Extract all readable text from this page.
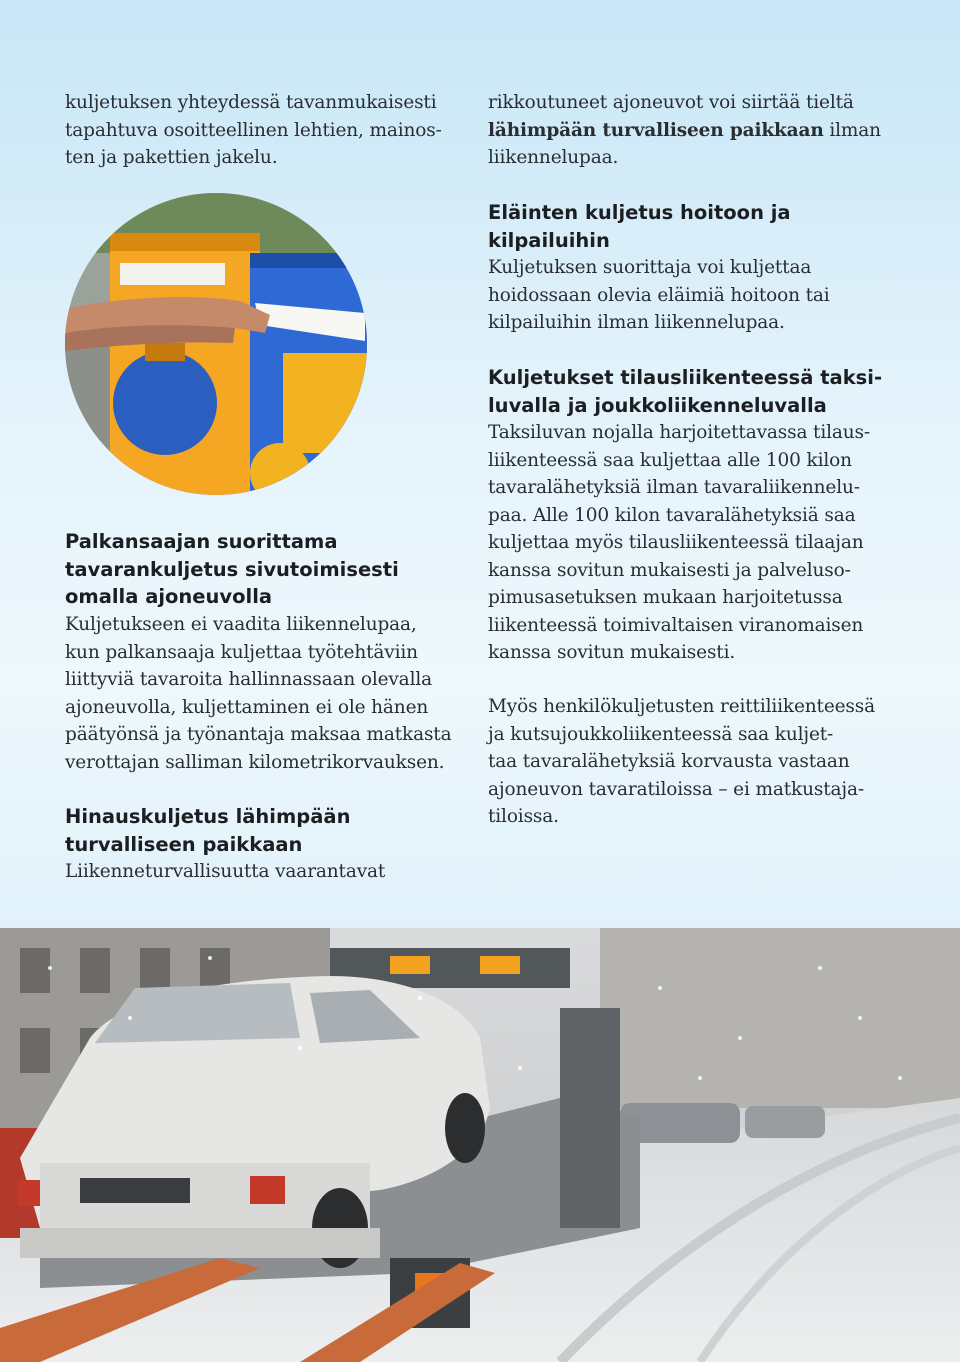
kuljetuksen yhteydessä tavanmukaisesti
tapahtuva osoitteellinen lehtien, mainos-
ten ja pakettien jakelu.

Palkansaajan suorittama
tavarankuljetus sivutoimisesti
omalla ajoneuvolla

Kuljetukseen ei vaadita liikennelupaa,
kun palkansaaja kuljettaa työtehtäviin
liittyviä tavaroita hallinnassaan olevalla
ajoneuvolla, kuljettaminen ei ole hänen
päätyönsä ja työnantaja maksaa matkasta
verottajan salliman kilometrikorvauksen.

Hinauskuljetus lähimpään
turvalliseen paikkaan

Liikenneturvallisuutta vaarantavat

rikkoutuneet ajoneuvot voi siirtää tieltä
lähimpään turvalliseen paikkaan ilman
liikennelupaa.

Eläinten kuljetus hoitoon ja
kilpailuihin

Kuljetuksen suorittaja voi kuljettaa
hoidossaan olevia eläimiä hoitoon tai
kilpailuihin ilman liikennelupaa.

Kuljetukset tilausliikenteessä taksi-
luvalla ja joukkoliikenneluvalla

Taksiluvan nojalla harjoitettavassa tilaus-
liikenteessä saa kuljettaa alle 100 kilon
tavaralähetyksiä ilman tavaraliikennelu-
paa. Alle 100 kilon tavaralähetyksiä saa
kuljettaa myös tilausliikenteessä tilaajan
kanssa sovitun mukaisesti ja palveluso-
pimusasetuksen mukaan harjoitetussa
liikenteessä toimivaltaisen viranomaisen
kanssa sovitun mukaisesti.

Myös henkilökuljetusten reittiliikenteessä
ja kutsujoukkoliikenteessä saa kuljet-
taa tavaralähetyksiä korvausta vastaan
ajoneuvon tavaratiloissa – ei matkustaja-
tiloissa.
